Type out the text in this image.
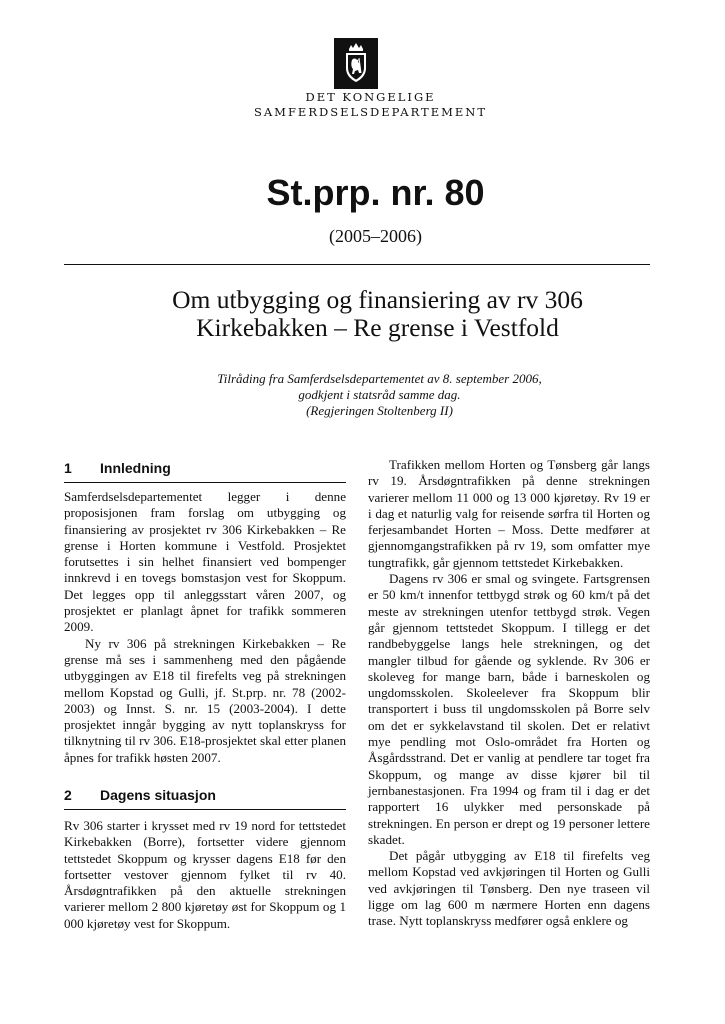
DET KONGELIGE
SAMFERDSELSDEPARTEMENT
St.prp. nr. 80
(2005–2006)
Om utbygging og finansiering av rv 306
Kirkebakken – Re grense i Vestfold
Tilråding fra Samferdselsdepartementet av 8. september 2006,
godkjent i statsråd samme dag.
(Regjeringen Stoltenberg II)
1	Innledning

Samferdselsdepartementet legger i denne proposisjonen fram forslag om utbygging og finansiering av prosjektet rv 306 Kirkebakken – Re grense i Horten kommune i Vestfold. Prosjektet forutsettes i sin helhet finansiert ved bompenger innkrevd i en tovegs bomstasjon vest for Skoppum. Det legges opp til anleggsstart våren 2007, og prosjektet er planlagt åpnet for trafikk sommeren 2009.

Ny rv 306 på strekningen Kirkebakken – Re grense må ses i sammenheng med den pågående utbyggingen av E18 til firefelts veg på strekningen mellom Kopstad og Gulli, jf. St.prp. nr. 78 (2002-2003) og Innst. S. nr. 15 (2003-2004). I dette prosjektet inngår bygging av nytt toplanskryss for tilknytning til rv 306. E18-prosjektet skal etter planen åpnes for trafikk høsten 2007.

2	Dagens situasjon

Rv 306 starter i krysset med rv 19 nord for tettstedet Kirkebakken (Borre), fortsetter videre gjennom tettstedet Skoppum og krysser dagens E18 før den fortsetter vestover gjennom fylket til rv 40. Årsdøgntrafikken på den aktuelle strekningen varierer mellom 2 800 kjøretøy øst for Skoppum og 1 000 kjøretøy vest for Skoppum.

Trafikken mellom Horten og Tønsberg går langs rv 19. Årsdøgntrafikken på denne strekningen varierer mellom 11 000 og 13 000 kjøretøy. Rv 19 er i dag et naturlig valg for reisende sørfra til Horten og ferjesambandet Horten – Moss. Dette medfører at gjennomgangstrafikken på rv 19, som omfatter mye tungtrafikk, går gjennom tettstedet Kirkebakken.

Dagens rv 306 er smal og svingete. Fartsgrensen er 50 km/t innenfor tettbygd strøk og 60 km/t på det meste av strekningen utenfor tettbygd strøk. Vegen går gjennom tettstedet Skoppum. I tillegg er det randbebyggelse langs hele strekningen, og det mangler tilbud for gående og syklende. Rv 306 er skoleveg for mange barn, både i barneskolen og ungdomsskolen. Skoleelever fra Skoppum blir transportert i buss til ungdomsskolen på Borre selv om det er sykkelavstand til skolen. Det er relativt mye pendling mot Oslo-området fra Horten og Åsgårdsstrand. Det er vanlig at pendlere tar toget fra Skoppum, og mange av disse kjører bil til jernbanestasjonen. Fra 1994 og fram til i dag er det rapportert 16 ulykker med personskade på strekningen. En person er drept og 19 personer lettere skadet.

Det pågår utbygging av E18 til firefelts veg mellom Kopstad ved avkjøringen til Horten og Gulli ved avkjøringen til Tønsberg. Den nye traseen vil ligge om lag 600 m nærmere Horten enn dagens trase. Nytt toplanskryss medfører også enklere og
